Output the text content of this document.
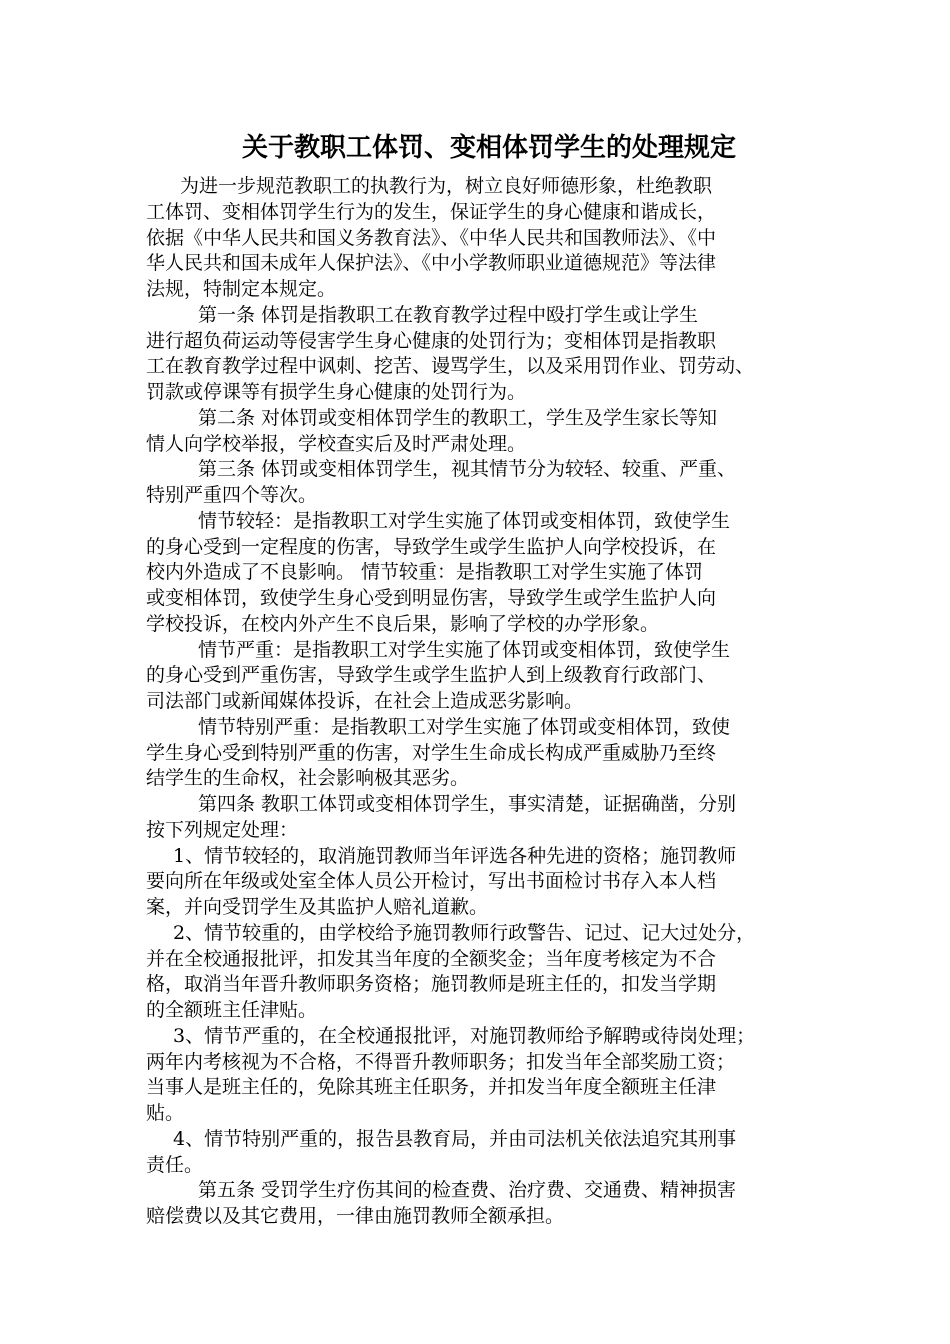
关于教职工体罚、变相体罚学生的处理规定
为进一步规范教职工的执教行为，树立良好师德形象，杜绝教职
工体罚、变相体罚学生行为的发生，保证学生的身心健康和谐成长，
依据《中华人民共和国义务教育法》、《中华人民共和国教师法》、《中
华人民共和国未成年人保护法》、《中小学教师职业道德规范》等法律
法规，特制定本规定。
第一条 体罚是指教职工在教育教学过程中殴打学生或让学生
进行超负荷运动等侵害学生身心健康的处罚行为；变相体罚是指教职
工在教育教学过程中讽刺、挖苦、谩骂学生，以及采用罚作业、罚劳动、
罚款或停课等有损学生身心健康的处罚行为。
第二条 对体罚或变相体罚学生的教职工，学生及学生家长等知
情人向学校举报，学校查实后及时严肃处理。
第三条 体罚或变相体罚学生，视其情节分为较轻、较重、严重、
特别严重四个等次。
情节较轻：是指教职工对学生实施了体罚或变相体罚，致使学生
的身心受到一定程度的伤害，导致学生或学生监护人向学校投诉，在
校内外造成了不良影响。 情节较重：是指教职工对学生实施了体罚
或变相体罚，致使学生身心受到明显伤害，导致学生或学生监护人向
学校投诉，在校内外产生不良后果，影响了学校的办学形象。
情节严重：是指教职工对学生实施了体罚或变相体罚，致使学生
的身心受到严重伤害，导致学生或学生监护人到上级教育行政部门、
司法部门或新闻媒体投诉，在社会上造成恶劣影响。
情节特别严重：是指教职工对学生实施了体罚或变相体罚，致使
学生身心受到特别严重的伤害，对学生生命成长构成严重威胁乃至终
结学生的生命权，社会影响极其恶劣。
第四条 教职工体罚或变相体罚学生，事实清楚，证据确凿，分别
按下列规定处理：
1、情节较轻的，取消施罚教师当年评选各种先进的资格；施罚教师
要向所在年级或处室全体人员公开检讨，写出书面检讨书存入本人档
案，并向受罚学生及其监护人赔礼道歉。
2、情节较重的，由学校给予施罚教师行政警告、记过、记大过处分，
并在全校通报批评，扣发其当年度的全额奖金；当年度考核定为不合
格，取消当年晋升教师职务资格；施罚教师是班主任的，扣发当学期
的全额班主任津贴。
3、情节严重的，在全校通报批评，对施罚教师给予解聘或待岗处理；
两年内考核视为不合格，不得晋升教师职务；扣发当年全部奖励工资；
当事人是班主任的，免除其班主任职务，并扣发当年度全额班主任津
贴。
4、情节特别严重的，报告县教育局，并由司法机关依法追究其刑事
责任。
第五条 受罚学生疗伤其间的检查费、治疗费、交通费、精神损害
赔偿费以及其它费用，一律由施罚教师全额承担。
